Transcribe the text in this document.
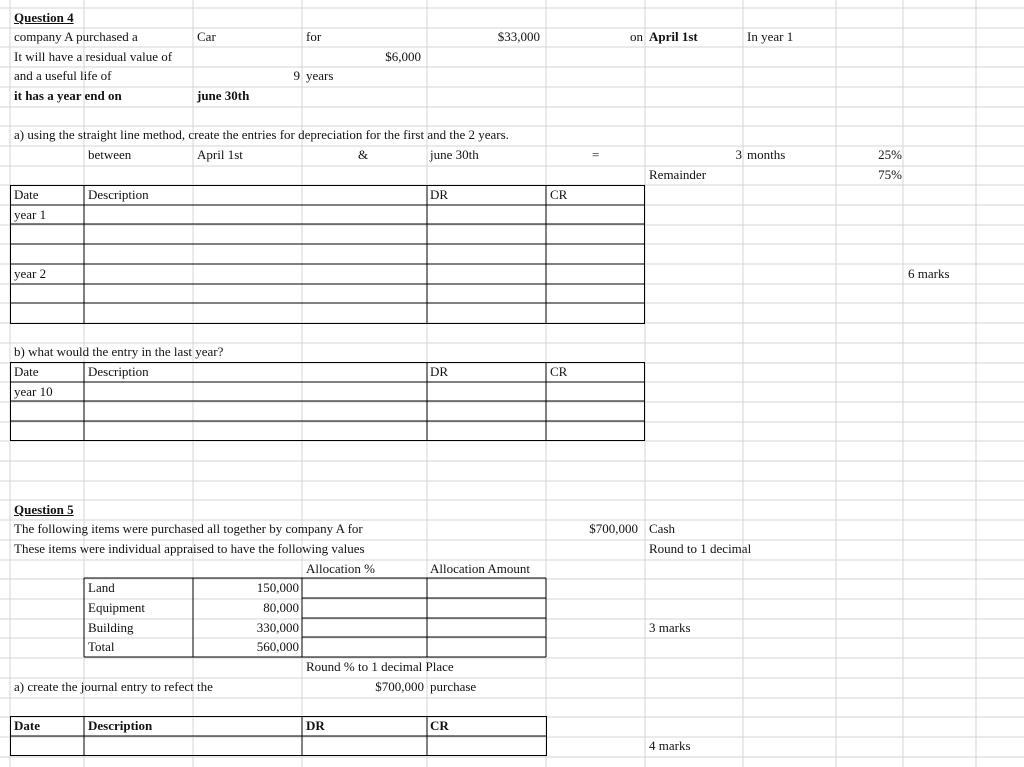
Question 4
company A purchased a	Car	for	$33,000	on April 1st	In year 1
It will have a residual value of	$6,000
and a useful life of	9 years
it has a year end on	june 30th
a) using the straight line method, create the entries for depreciation for the first and the 2 years.
between	April 1st	&	june 30th	=	3 months	25%
Remainder	75%
Date	Description	DR	CR
year 1
year 2	6 marks
b) what would the entry in the last year?
Date	Description	DR	CR
year 10
Question 5
The following items were purchased all together by company A for	$700,000 Cash
These items were individual appraised to have the following values	Round to 1 decimal
Allocation %	Allocation Amount
Land	150,000
Equipment	80,000
Building	330,000	3 marks
Total	560,000
Round % to 1 decimal Place
a) create the journal entry to refect the	$700,000 purchase
Date	Description	DR	CR
4 marks
